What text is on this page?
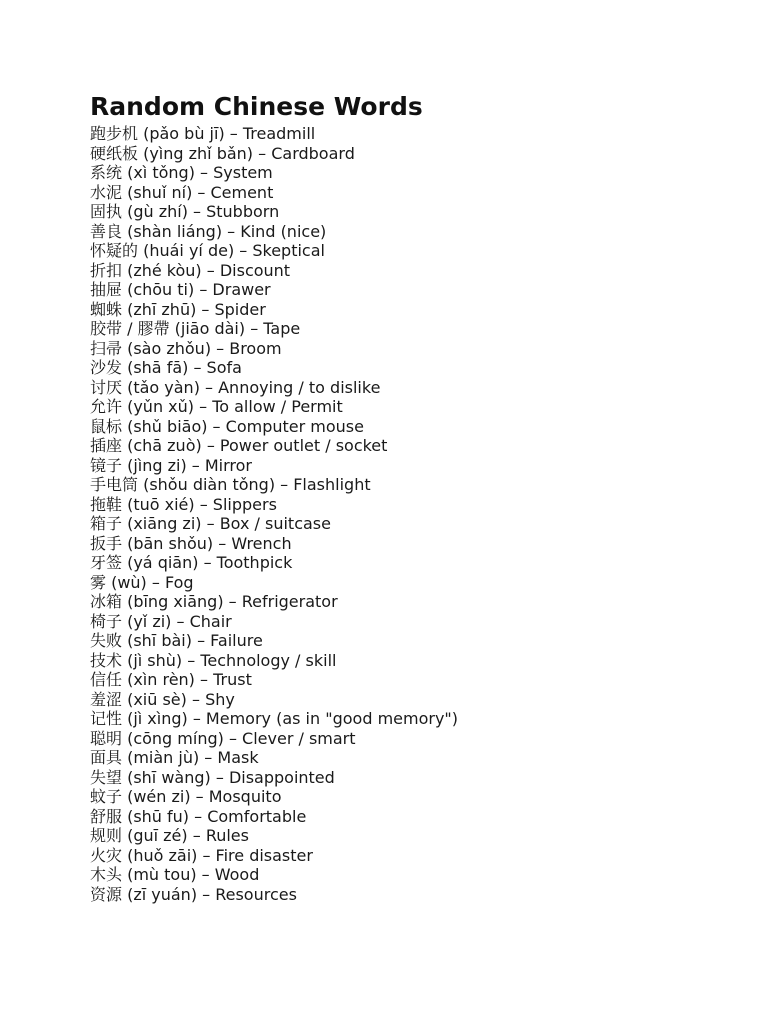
Random Chinese Words
跑步机 (pǎo bù jī) – Treadmill
硬纸板 (yìng zhǐ bǎn) – Cardboard
系统 (xì tǒng) – System
水泥 (shuǐ ní) – Cement
固执 (gù zhí) – Stubborn
善良 (shàn liáng) – Kind (nice)
怀疑的 (huái yí de) – Skeptical
折扣 (zhé kòu) – Discount
抽屉 (chōu ti) – Drawer
蜘蛛 (zhī zhū) – Spider
胶带 / 膠帶 (jiāo dài) – Tape
扫帚 (sào zhǒu) – Broom
沙发 (shā fā) – Sofa
讨厌 (tǎo yàn) – Annoying / to dislike
允许 (yǔn xǔ) – To allow / Permit
鼠标 (shǔ biāo) – Computer mouse
插座 (chā zuò) – Power outlet / socket
镜子 (jìng zi) – Mirror
手电筒 (shǒu diàn tǒng) – Flashlight
拖鞋 (tuō xié) – Slippers
箱子 (xiāng zi) – Box / suitcase
扳手 (bān shǒu) – Wrench
牙签 (yá qiān) – Toothpick
雾 (wù) – Fog
冰箱 (bīng xiāng) – Refrigerator
椅子 (yǐ zi) – Chair
失败 (shī bài) – Failure
技术 (jì shù) – Technology / skill
信任 (xìn rèn) – Trust
羞涩 (xiū sè) – Shy
记性 (jì xìng) – Memory (as in "good memory")
聪明 (cōng míng) – Clever / smart
面具 (miàn jù) – Mask
失望 (shī wàng) – Disappointed
蚊子 (wén zi) – Mosquito
舒服 (shū fu) – Comfortable
规则 (guī zé) – Rules
火灾 (huǒ zāi) – Fire disaster
木头 (mù tou) – Wood
资源 (zī yuán) – Resources
